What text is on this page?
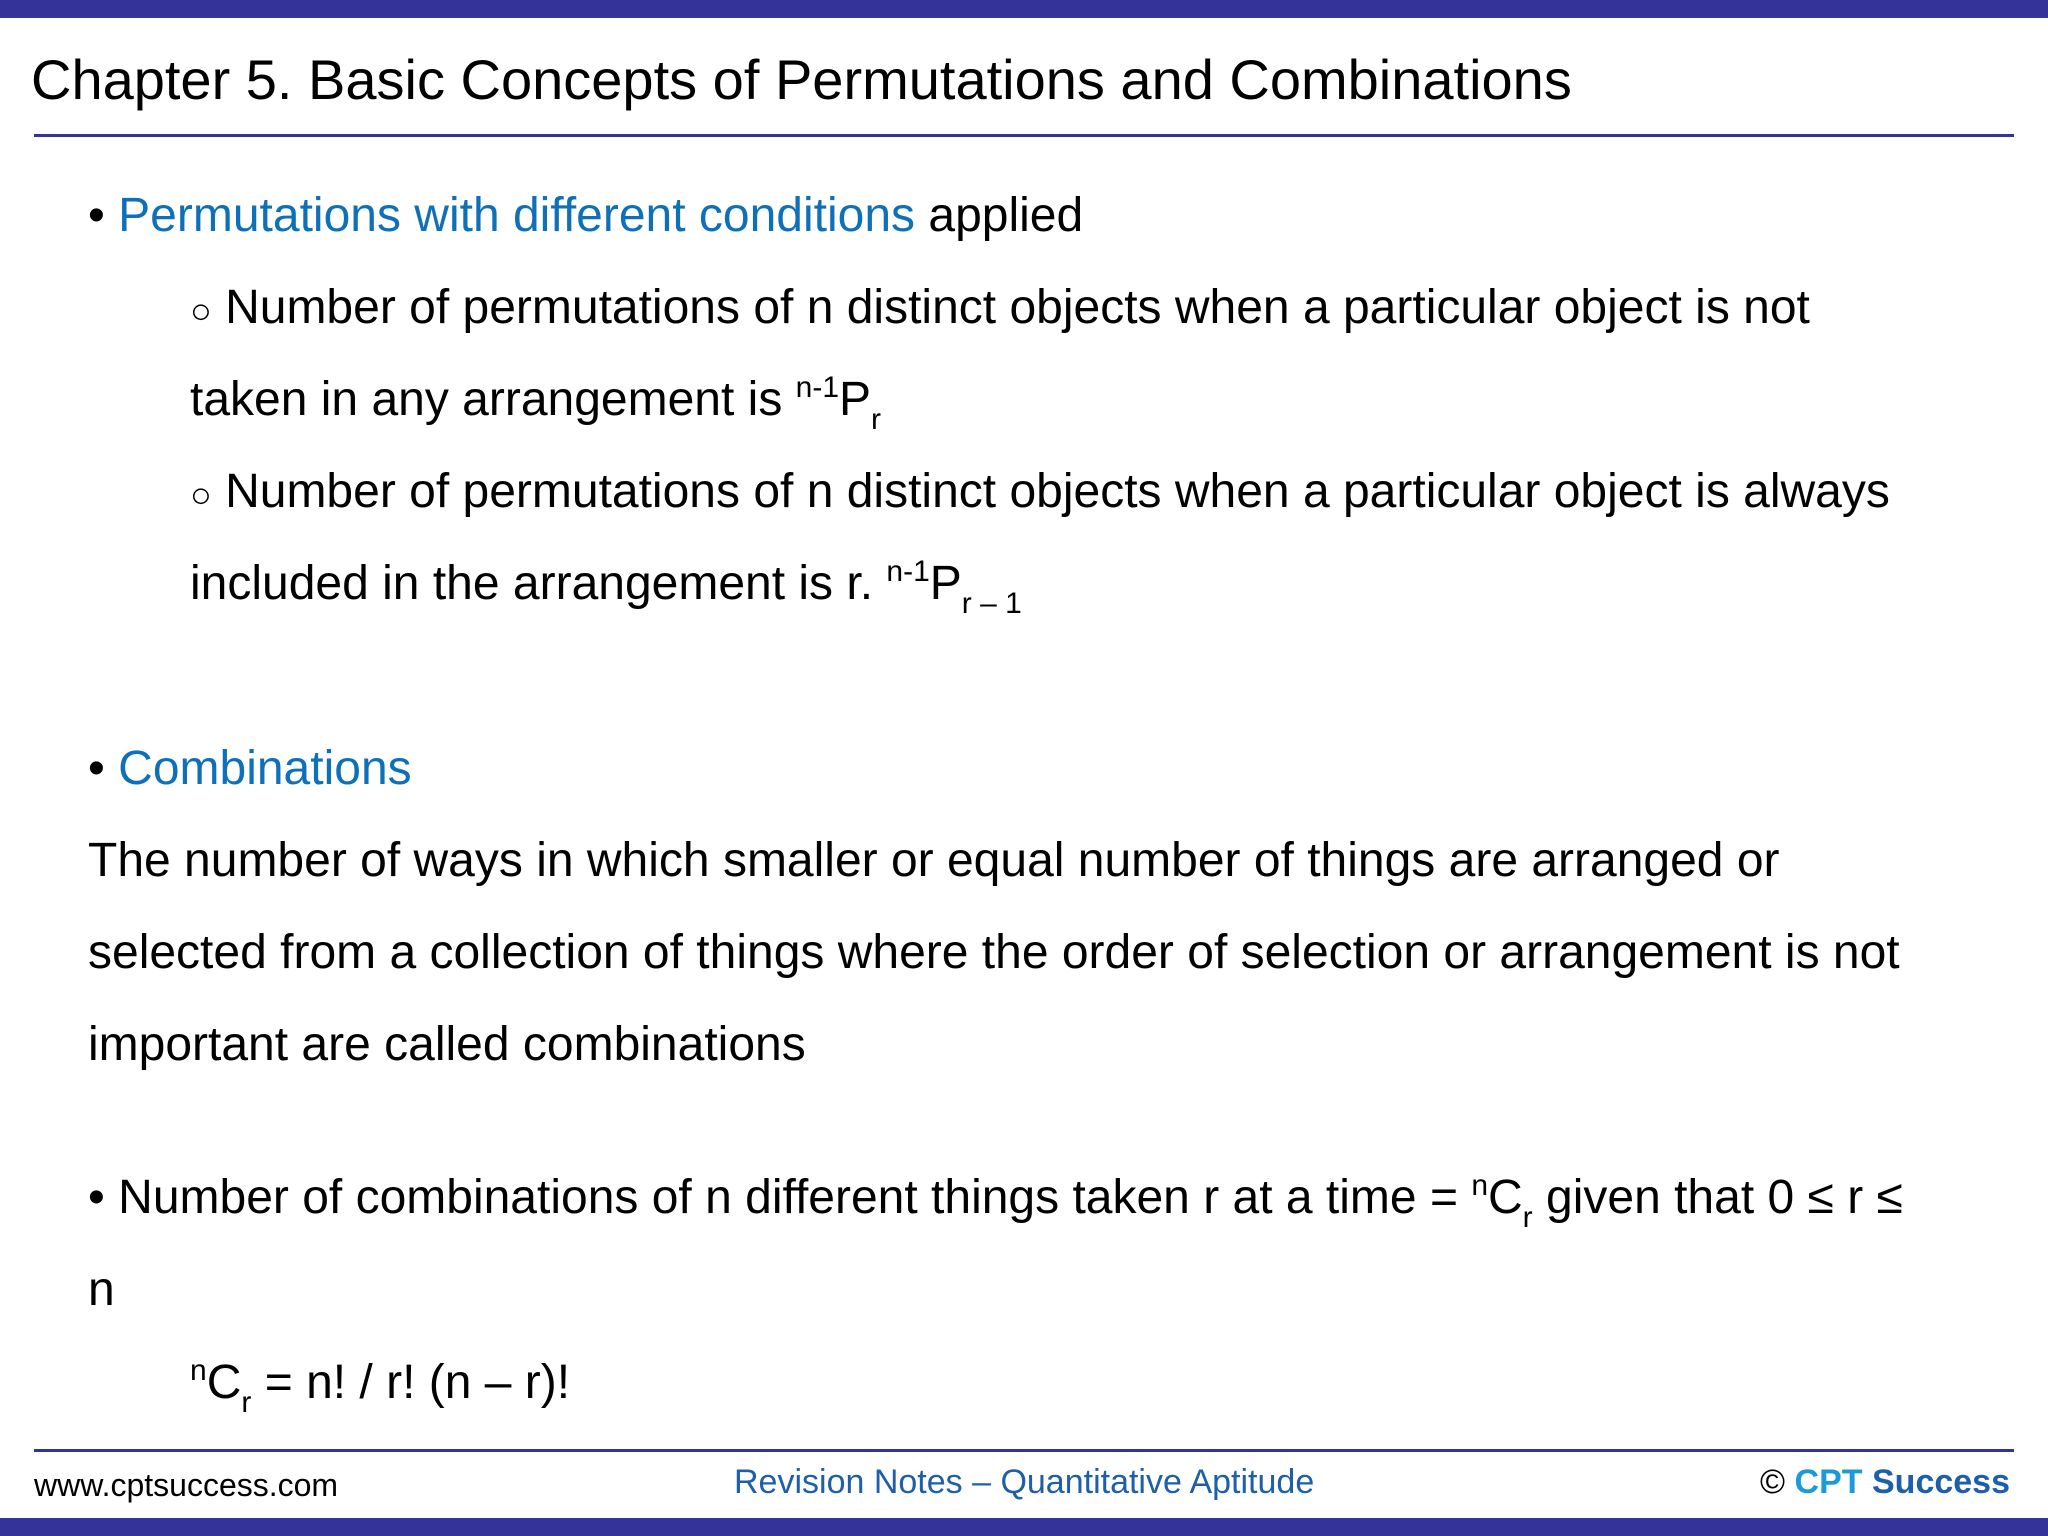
Chapter 5. Basic Concepts of Permutations and Combinations
• Permutations with different conditions applied
○ Number of permutations of n distinct objects when a particular object is not
taken in any arrangement is $^{n-1}P_r$
○ Number of permutations of n distinct objects when a particular object is always
included in the arrangement is r. $^{n-1}P_{r - 1}$
• Combinations
The number of ways in which smaller or equal number of things are arranged or
selected from a collection of things where the order of selection or arrangement is not
important are called combinations
• Number of combinations of n different things taken r at a time = $^nC_r$ given that 0 ≤ r ≤
n
$^nC_r = n$! / r! (n – r)!
www.cptsuccess.com	Revision Notes – Quantitative Aptitude	© CPT Success
